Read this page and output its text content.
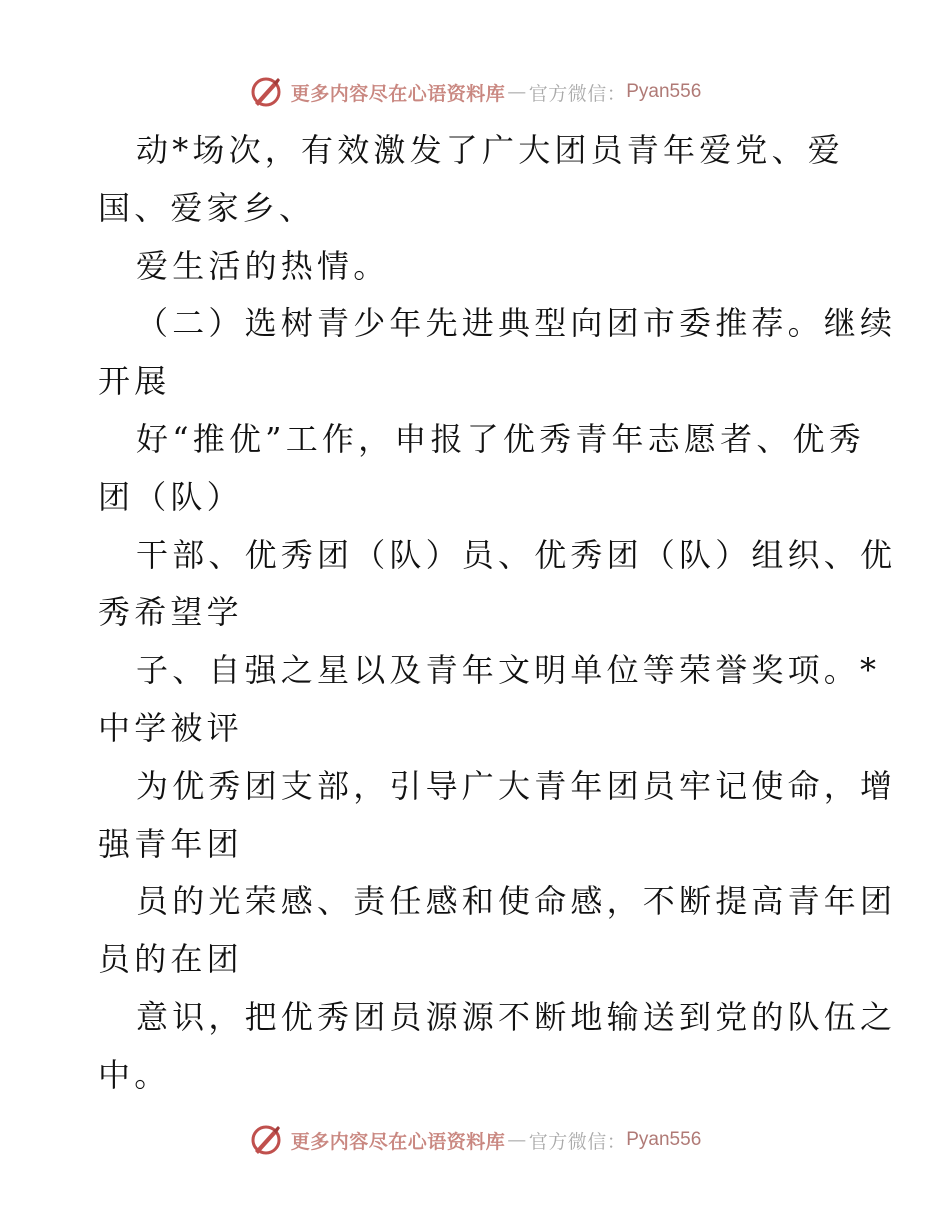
更多内容尽在心语资料库 — 官方微信： Pyan556
动*场次，有效激发了广大团员青年爱党、爱
国、爱家乡、
爱生活的热情。
（二）选树青少年先进典型向团市委推荐。继续
开展
好“推优”工作，申报了优秀青年志愿者、优秀
团（队）
干部、优秀团（队）员、优秀团（队）组织、优
秀希望学
子、自强之星以及青年文明单位等荣誉奖项。*
中学被评
为优秀团支部，引导广大青年团员牢记使命，增
强青年团
员的光荣感、责任感和使命感，不断提高青年团
员的在团
意识，把优秀团员源源不断地输送到党的队伍之
中。
更多内容尽在心语资料库 — 官方微信： Pyan556
